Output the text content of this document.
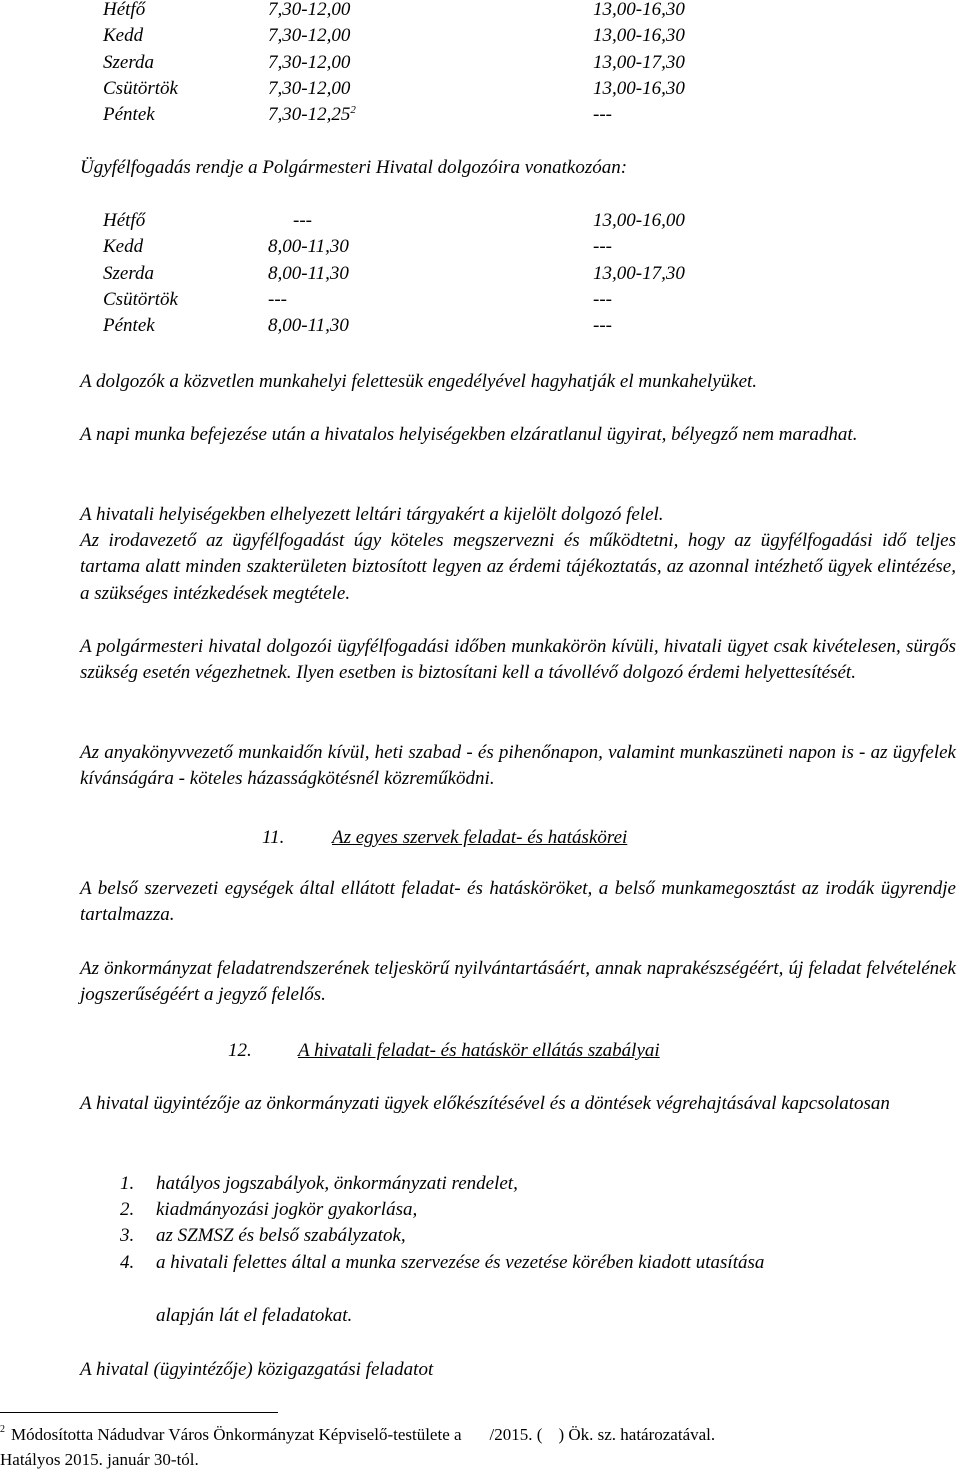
Hétfő	7,30-12,00	13,00-16,30
Kedd	7,30-12,00	13,00-16,30
Szerda	7,30-12,00	13,00-17,30
Csütörtök	7,30-12,00	13,00-16,30
Péntek	7,30-12,25$^2$	---

Ügyfélfogadás rendje a Polgármesteri Hivatal dolgozóira vonatkozóan:

Hétfő	---	13,00-16,00
Kedd	8,00-11,30	---
Szerda	8,00-11,30	13,00-17,30
Csütörtök	---	---
Péntek	8,00-11,30	---

A dolgozók a közvetlen munkahelyi felettesük engedélyével hagyhatják el munkahelyüket.

A napi munka befejezése után a hivatalos helyiségekben elzáratlanul ügyirat, bélyegző nem maradhat.

A hivatali helyiségekben elhelyezett leltári tárgyakért a kijelölt dolgozó felel.

Az irodavezető az ügyfélfogadást úgy köteles megszervezni és működtetni, hogy az ügyfélfogadási idő teljes tartama alatt minden szakterületen biztosított legyen az érdemi tájékoztatás, az azonnal intézhető ügyek elintézése, a szükséges intézkedések megtétele.

A polgármesteri hivatal dolgozói ügyfélfogadási időben munkakörön kívüli, hivatali ügyet csak kivételesen, sürgős szükség esetén végezhetnek. Ilyen esetben is biztosítani kell a távollévő dolgozó érdemi helyettesítését.

Az anyakönyvvezető munkaidőn kívül, heti szabad - és pihenőnapon, valamint munkaszüneti napon is - az ügyfelek kívánságára - köteles házasságkötésnél közreműködni.

11.	Az egyes szervek feladat- és hatáskörei

A belső szervezeti egységek által ellátott feladat- és hatásköröket, a belső munkamegosztást az irodák ügyrendje tartalmazza.

Az önkormányzat feladatrendszerének teljeskörű nyilvántartásáért, annak naprakészségéért, új feladat felvételének jogszerűségéért a jegyző felelős.

12. A hivatali feladat- és hatáskör ellátás szabályai

A hivatal ügyintézője az önkormányzati ügyek előkészítésével és a döntések végrehajtásával kapcsolatosan

1. hatályos jogszabályok, önkormányzati rendelet,
2. kiadmányozási jogkör gyakorlása,
3. az SZMSZ és belső szabályzatok,
4. a hivatali felettes által a munka szervezése és vezetése körében kiadott utasítása

alapján lát el feladatokat.

A hivatal (ügyintézője) közigazgatási feladatot

$^2$ Módosította Nádudvar Város Önkormányzat Képviselő-testülete a /2015. ( ) Ök. sz. határozatával.
Hatályos 2015. január 30-tól.
